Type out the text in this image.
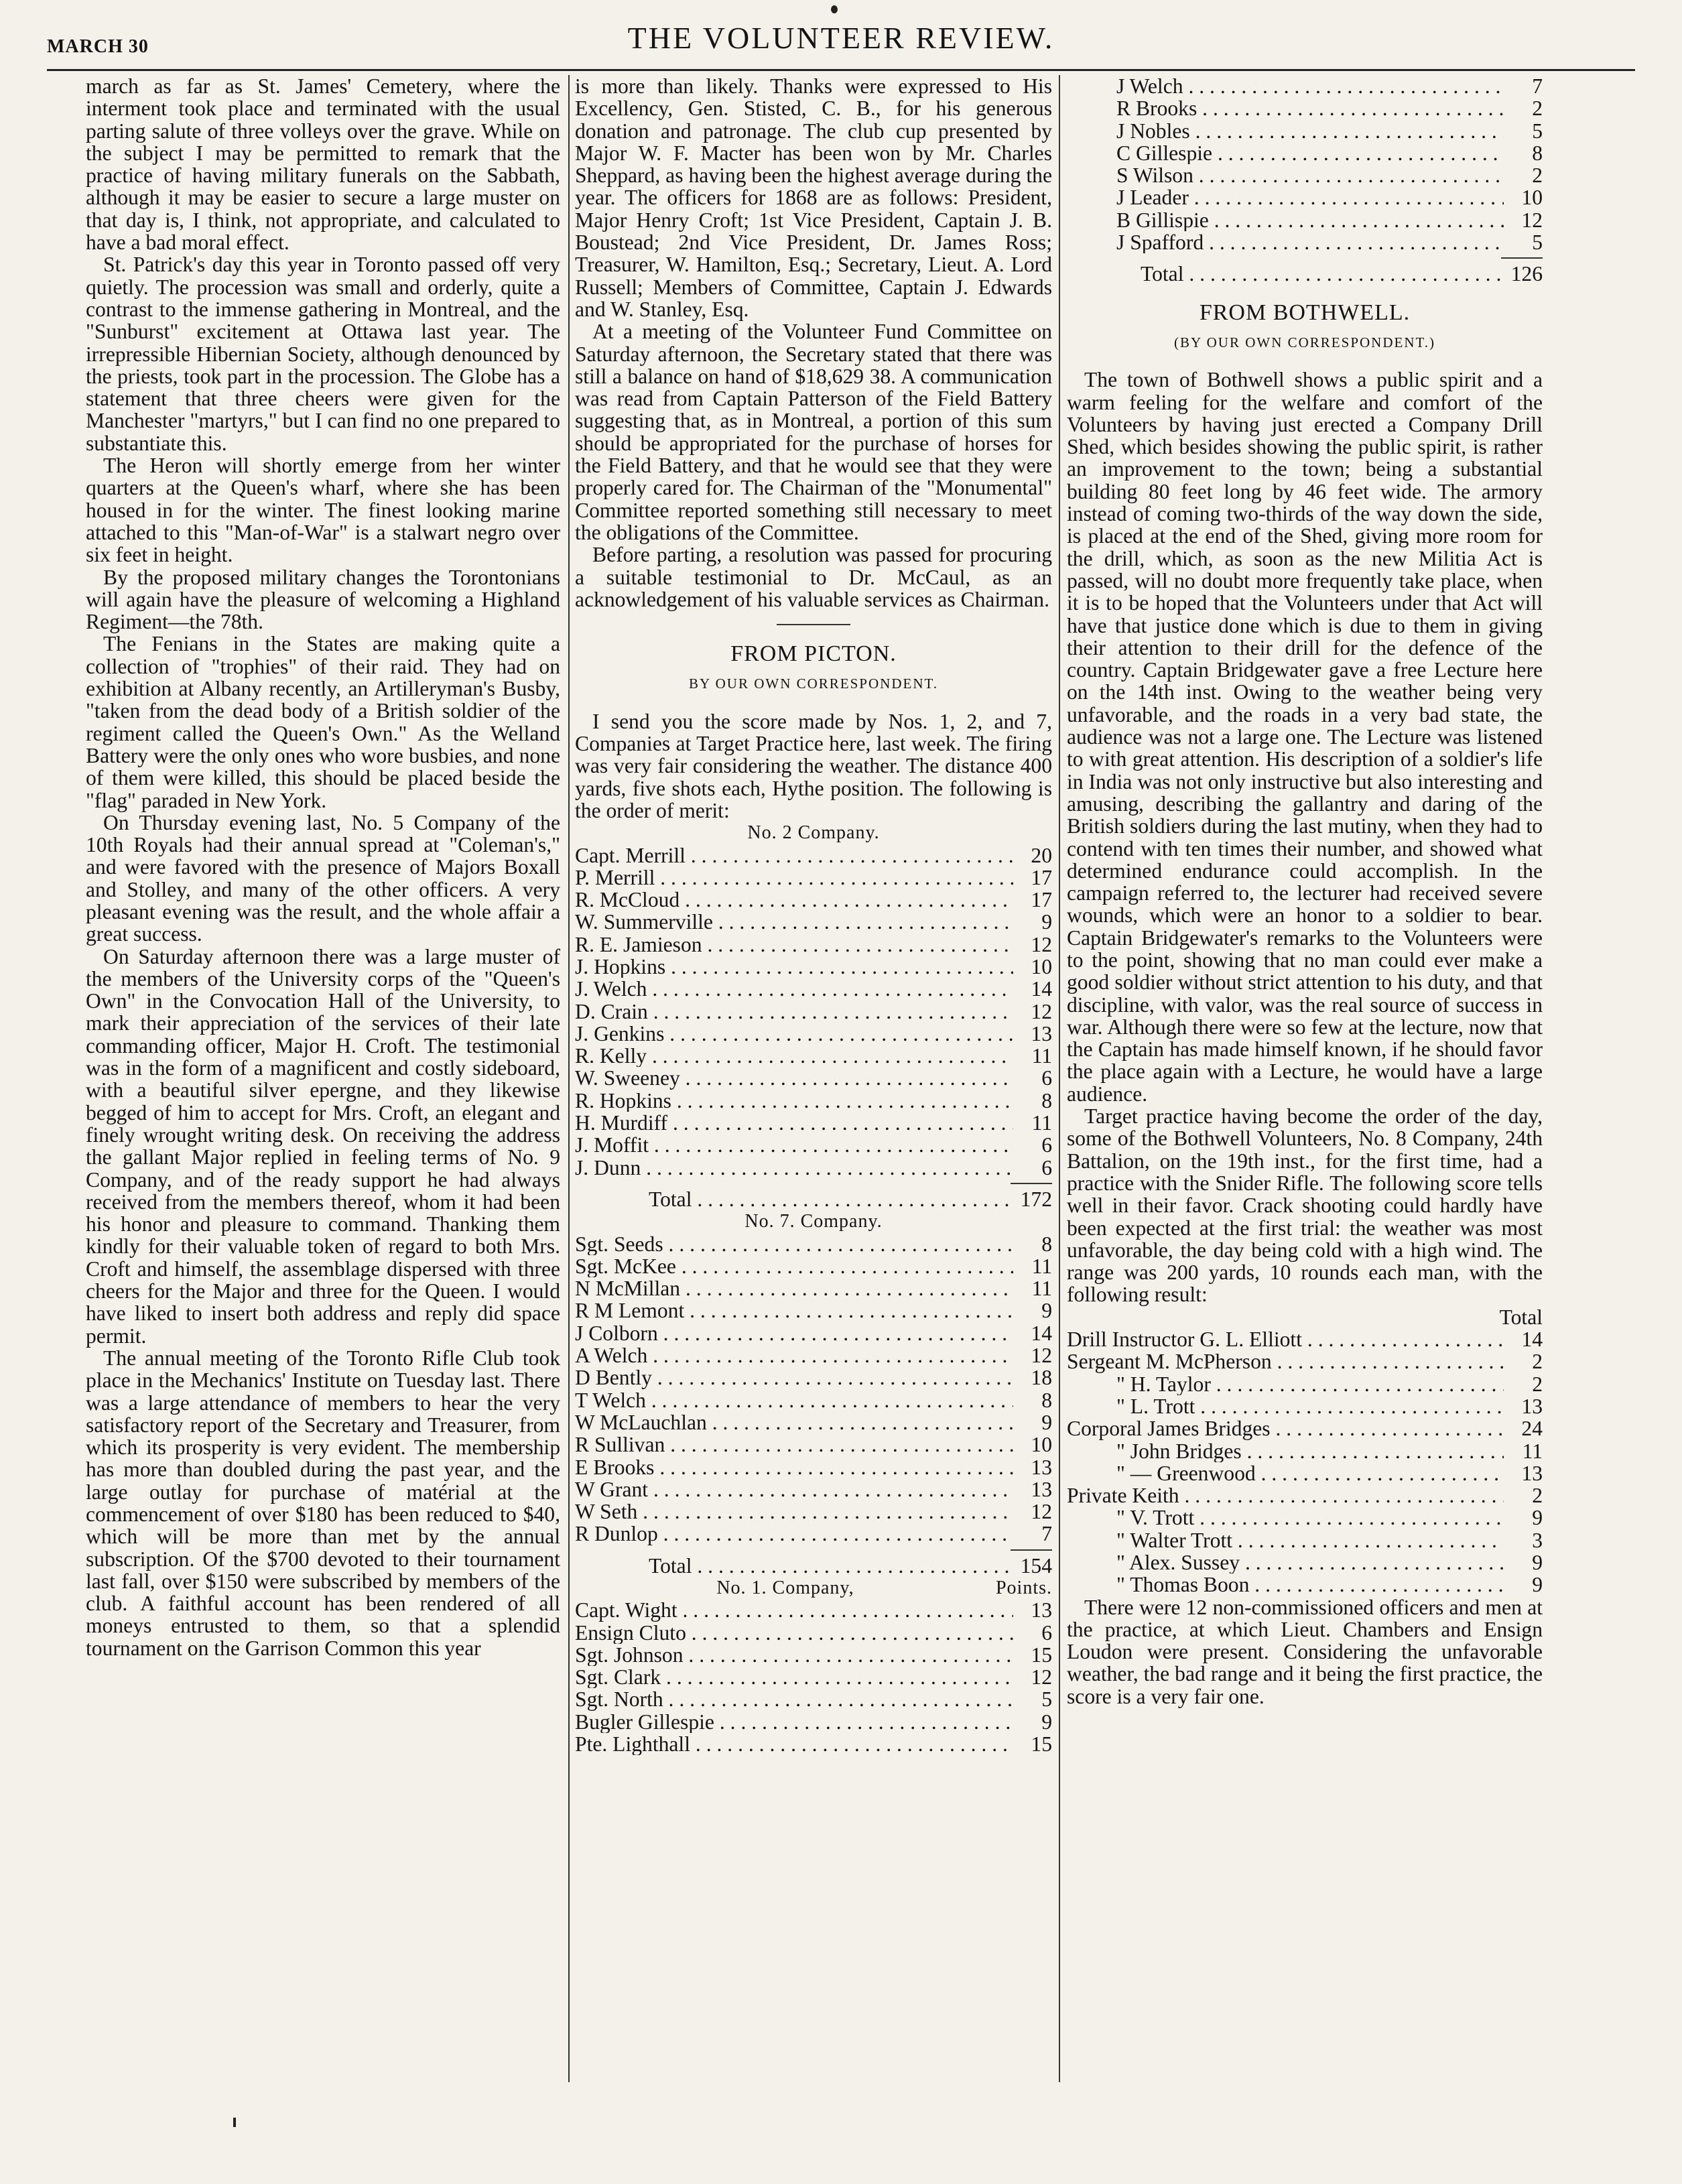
MARCH 30	THE VOLUNTEER REVIEW.

march as far as St. James' Cemetery, where the interment took place and terminated with the usual parting salute of three volleys over the grave. While on the subject I may be permitted to remark that the practice of having military funerals on the Sabbath, although it may be easier to secure a large muster on that day is, I think, not appropriate, and calculated to have a bad moral effect.

St. Patrick's day this year in Toronto passed off very quietly. The procession was small and orderly, quite a contrast to the immense gathering in Montreal, and the "Sunburst" excitement at Ottawa last year. The irrepressible Hibernian Society, although denounced by the priests, took part in the procession. The Globe has a statement that three cheers were given for the Manchester "martyrs," but I can find no one prepared to substantiate this.

The Heron will shortly emerge from her winter quarters at the Queen's wharf, where she has been housed in for the winter. The finest looking marine attached to this "Man-of-War" is a stalwart negro over six feet in height.

By the proposed military changes the Torontonians will again have the pleasure of welcoming a Highland Regiment—the 78th.

The Fenians in the States are making quite a collection of "trophies" of their raid. They had on exhibition at Albany recently, an Artilleryman's Busby, "taken from the dead body of a British soldier of the regiment called the Queen's Own." As the Welland Battery were the only ones who wore busbies, and none of them were killed, this should be placed beside the "flag" paraded in New York.

On Thursday evening last, No. 5 Company of the 10th Royals had their annual spread at "Coleman's," and were favored with the presence of Majors Boxall and Stolley, and many of the other officers. A very pleasant evening was the result, and the whole affair a great success.

On Saturday afternoon there was a large muster of the members of the University corps of the "Queen's Own" in the Convocation Hall of the University, to mark their appreciation of the services of their late commanding officer, Major H. Croft. The testimonial was in the form of a magnificent and costly sideboard, with a beautiful silver epergne, and they likewise begged of him to accept for Mrs. Croft, an elegant and finely wrought writing desk. On receiving the address the gallant Major replied in feeling terms of No. 9 Company, and of the ready support he had always received from the members thereof, whom it had been his honor and pleasure to command. Thanking them kindly for their valuable token of regard to both Mrs. Croft and himself, the assemblage dispersed with three cheers for the Major and three for the Queen. I would have liked to insert both address and reply did space permit.

The annual meeting of the Toronto Rifle Club took place in the Mechanics' Institute on Tuesday last. There was a large attendance of members to hear the very satisfactory report of the Secretary and Treasurer, from which its prosperity is very evident. The membership has more than doubled during the past year, and the large outlay for purchase of matérial at the commencement of over $180 has been reduced to $40, which will be more than met by the annual subscription. Of the $700 devoted to their tournament last fall, over $150 were subscribed by members of the club. A faithful account has been rendered of all moneys entrusted to them, so that a splendid tournament on the Garrison Common this year

is more than likely. Thanks were expressed to His Excellency, Gen. Stisted, C. B., for his generous donation and patronage. The club cup presented by Major W. F. Macter has been won by Mr. Charles Sheppard, as having been the highest average during the year. The officers for 1868 are as follows: President, Major Henry Croft; 1st Vice President, Captain J. B. Boustead; 2nd Vice President, Dr. James Ross; Treasurer, W. Hamilton, Esq.; Secretary, Lieut. A. Lord Russell; Members of Committee, Captain J. Edwards and W. Stanley, Esq.

At a meeting of the Volunteer Fund Committee on Saturday afternoon, the Secretary stated that there was still a balance on hand of $18,629 38. A communication was read from Captain Patterson of the Field Battery suggesting that, as in Montreal, a portion of this sum should be appropriated for the purchase of horses for the Field Battery, and that he would see that they were properly cared for. The Chairman of the "Monumental" Committee reported something still necessary to meet the obligations of the Committee.

Before parting, a resolution was passed for procuring a suitable testimonial to Dr. McCaul, as an acknowledgement of his valuable services as Chairman.

FROM PICTON.
BY OUR OWN CORRESPONDENT.

I send you the score made by Nos. 1, 2, and 7, Companies at Target Practice here, last week. The firing was very fair considering the weather. The distance 400 yards, five shots each, Hythe position. The following is the order of merit:

No. 2 Company.
Capt. Merrill . . .	20
P. Merrill . . .	17
R. McCloud . . .	17
W. Summerville . . .	9
R. E. Jamieson . . .	12
J. Hopkins . . .	10
J. Welch . . .	14
D. Crain . . .	12
J. Genkins . . .	13
R. Kelly . . .	11
W. Sweeney . . .	6
R. Hopkins . . .	8
H. Murdiff . . .	11
J. Moffit . . .	6
J. Dunn . . .	6
Total . . .	172
No. 7. Company.
Sgt. Seeds . . .	8
Sgt. McKee . . .	11
N McMillan . . .	11
R M Lemont . . .	9
J Colborn . . .	14
A Welch . . .	12
D Bently . . .	18
T Welch . . .	8
W McLauchlan . . .	9
R Sullivan . . .	10
E Brooks . . .	13
W Grant . . .	13
W Seth . . .	12
R Dunlop . . .	7
Total . . .	154
No. 1. Company,	Points.
Capt. Wight . . .	13
Ensign Cluto . . .	6
Sgt. Johnson . . .	15
Sgt. Clark . . .	12
Sgt. North . . .	5
Bugler Gillespie . . .	9
Pte. Lighthall . . .	15
J Welch . . .	7
R Brooks . . .	2
J Nobles . . .	5
C Gillespie . . .	8
S Wilson . . .	2
J Leader . . .	10
B Gillispie . . .	12
J Spafford . . .	5
Total . . .	126
FROM BOTHWELL.
(BY OUR OWN CORRESPONDENT.)

The town of Bothwell shows a public spirit and a warm feeling for the welfare and comfort of the Volunteers by having just erected a Company Drill Shed, which besides showing the public spirit, is rather an improvement to the town; being a substantial building 80 feet long by 46 feet wide. The armory instead of coming two-thirds of the way down the side, is placed at the end of the Shed, giving more room for the drill, which, as soon as the new Militia Act is passed, will no doubt more frequently take place, when it is to be hoped that the Volunteers under that Act will have that justice done which is due to them in giving their attention to their drill for the defence of the country. Captain Bridgewater gave a free Lecture here on the 14th inst. Owing to the weather being very unfavorable, and the roads in a very bad state, the audience was not a large one. The Lecture was listened to with great attention. His description of a soldier's life in India was not only instructive but also interesting and amusing, describing the gallantry and daring of the British soldiers during the last mutiny, when they had to contend with ten times their number, and showed what determined endurance could accomplish. In the campaign referred to, the lecturer had received severe wounds, which were an honor to a soldier to bear. Captain Bridgewater's remarks to the Volunteers were to the point, showing that no man could ever make a good soldier without strict attention to his duty, and that discipline, with valor, was the real source of success in war. Although there were so few at the lecture, now that the Captain has made himself known, if he should favor the place again with a Lecture, he would have a large audience.

Target practice having become the order of the day, some of the Bothwell Volunteers, No. 8 Company, 24th Battalion, on the 19th inst., for the first time, had a practice with the Snider Rifle. The following score tells well in their favor. Crack shooting could hardly have been expected at the first trial: the weather was most unfavorable, the day being cold with a high wind. The range was 200 yards, 10 rounds each man, with the following result:

Total
Drill Instructor G. L. Elliott . . .	14
Sergeant M. McPherson . . .	2
" H. Taylor . . .	2
" L. Trott . . .	13
Corporal James Bridges . . .	24
" John Bridges . . .	11
" — Greenwood . . .	13
Private Keith . . .	2
" V. Trott . . .	9
" Walter Trott . . .	3
" Alex. Sussey . . .	9
" Thomas Boon . . .	9

There were 12 non-commissioned officers and men at the practice, at which Lieut. Chambers and Ensign Loudon were present. Considering the unfavorable weather, the bad range and it being the first practice, the score is a very fair one.
